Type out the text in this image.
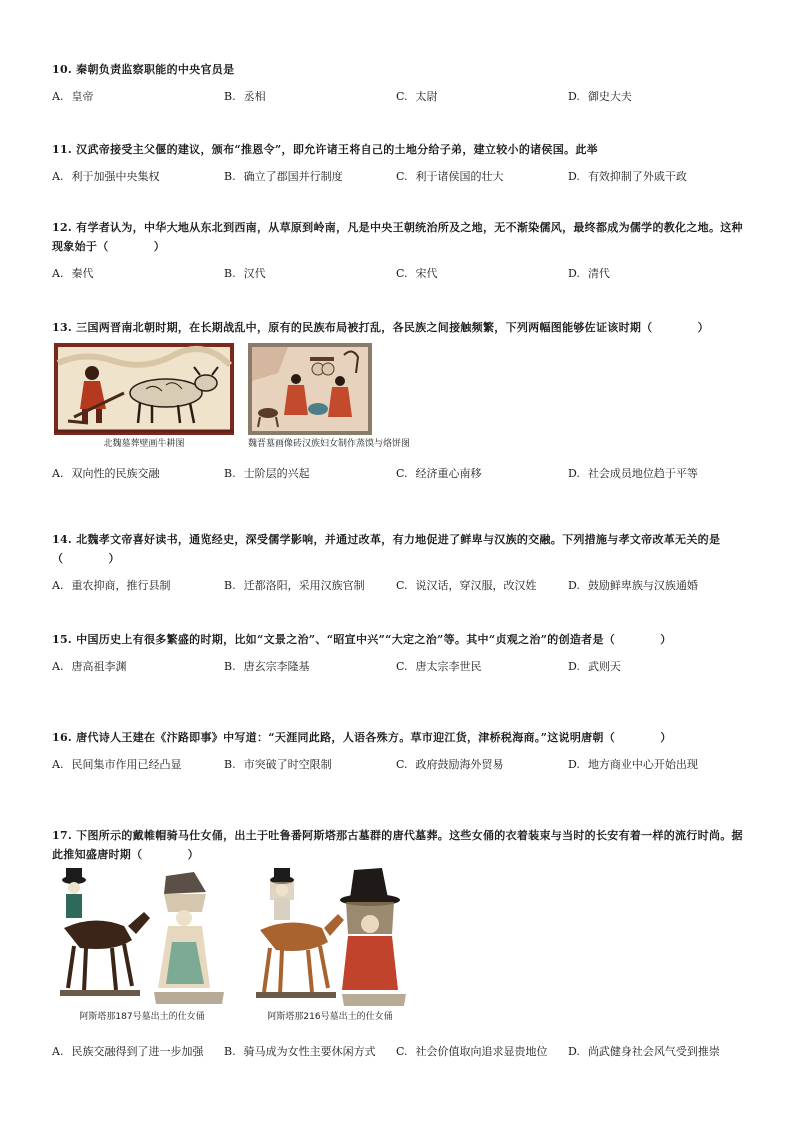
10. 秦朝负责监察职能的中央官员是
A. 皇帝	B. 丞相	C. 太尉	D. 御史大夫
11. 汉武帝接受主父偃的建议，颁布“推恩令”，即允许诸王将自己的土地分给子弟，建立较小的诸侯国。此举
A. 利于加强中央集权	B. 确立了郡国并行制度	C. 利于诸侯国的壮大	D. 有效抑制了外戚干政
12. 有学者认为，中华大地从东北到西南，从草原到岭南，凡是中央王朝统治所及之地，无不渐染儒风，最终都成为儒学的教化之地。这种现象始于（　　　　）
A. 秦代	B. 汉代	C. 宋代	D. 清代
13. 三国两晋南北朝时期，在长期战乱中，原有的民族布局被打乱，各民族之间接触频繁，下列两幅图能够佐证该时期（　　　　）
北魏墓葬壁画牛耕图	魏晋墓画像砖汉族妇女制作蒸馍与烙饼图
A. 双向性的民族交融	B. 士阶层的兴起	C. 经济重心南移	D. 社会成员地位趋于平等
14. 北魏孝文帝喜好读书，通览经史，深受儒学影响，并通过改革，有力地促进了鲜卑与汉族的交融。下列措施与孝文帝改革无关的是（　　　　）
A. 重农抑商，推行县制	B. 迁都洛阳，采用汉族官制	C. 说汉话，穿汉服，改汉姓	D. 鼓励鲜卑族与汉族通婚
15. 中国历史上有很多繁盛的时期，比如“文景之治”、“昭宣中兴”“大定之治”等。其中“贞观之治”的创造者是（　　　　）
A. 唐高祖李渊	B. 唐玄宗李隆基	C. 唐太宗李世民	D. 武则天
16. 唐代诗人王建在《汴路即事》中写道：“天涯同此路，人语各殊方。草市迎江货，津桥税海商。”这说明唐朝（　　　　）
A. 民间集市作用已经凸显	B. 市突破了时空限制	C. 政府鼓励海外贸易	D. 地方商业中心开始出现
17. 下图所示的戴帷帽骑马仕女俑，出土于吐鲁番阿斯塔那古墓群的唐代墓葬。这些女俑的衣着装束与当时的长安有着一样的流行时尚。据此推知盛唐时期（　　　　）
阿斯塔那187号墓出土的仕女俑	阿斯塔那216号墓出土的仕女俑
A. 民族交融得到了进一步加强 B. 骑马成为女性主要休闲方式 C. 社会价值取向追求显贵地位 D. 尚武健身社会风气受到推崇
